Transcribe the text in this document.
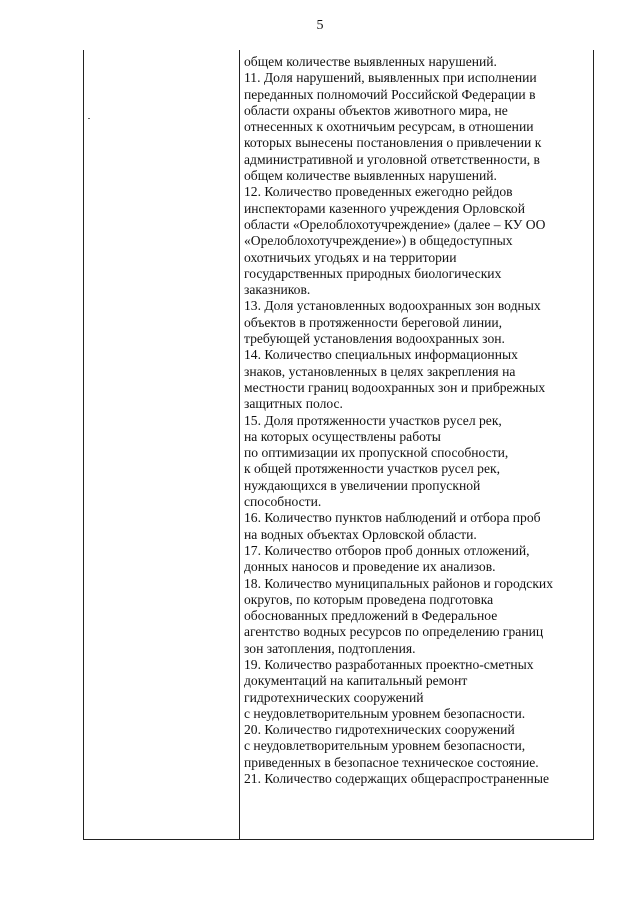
5
общем количестве выявленных нарушений.
11. Доля нарушений, выявленных при исполнении
переданных полномочий Российской Федерации в
области охраны объектов животного мира, не
отнесенных к охотничьим ресурсам, в отношении
которых вынесены постановления о привлечении к
административной и уголовной ответственности, в
общем количестве выявленных нарушений.
12. Количество проведенных ежегодно рейдов
инспекторами казенного учреждения Орловской
области «Орелоблохотучреждение» (далее – КУ ОО
«Орелоблохотучреждение») в общедоступных
охотничьих угодьях и на территории
государственных природных биологических
заказников.
13. Доля установленных водоохранных зон водных
объектов в протяженности береговой линии,
требующей установления водоохранных зон.
14. Количество специальных информационных
знаков, установленных в целях закрепления на
местности границ водоохранных зон и прибрежных
защитных полос.
15. Доля протяженности участков русел рек,
на которых осуществлены работы
по оптимизации их пропускной способности,
к общей протяженности участков русел рек,
нуждающихся в увеличении пропускной
способности.
16. Количество пунктов наблюдений и отбора проб
на водных объектах Орловской области.
17. Количество отборов проб донных отложений,
донных наносов и проведение их анализов.
18. Количество муниципальных районов и городских
округов, по которым проведена подготовка
обоснованных предложений в Федеральное
агентство водных ресурсов по определению границ
зон затопления, подтопления.
19. Количество разработанных проектно-сметных
документаций на капитальный ремонт
гидротехнических сооружений
с неудовлетворительным уровнем безопасности.
20. Количество гидротехнических сооружений
с неудовлетворительным уровнем безопасности,
приведенных в безопасное техническое состояние.
21. Количество содержащих общераспространенные
